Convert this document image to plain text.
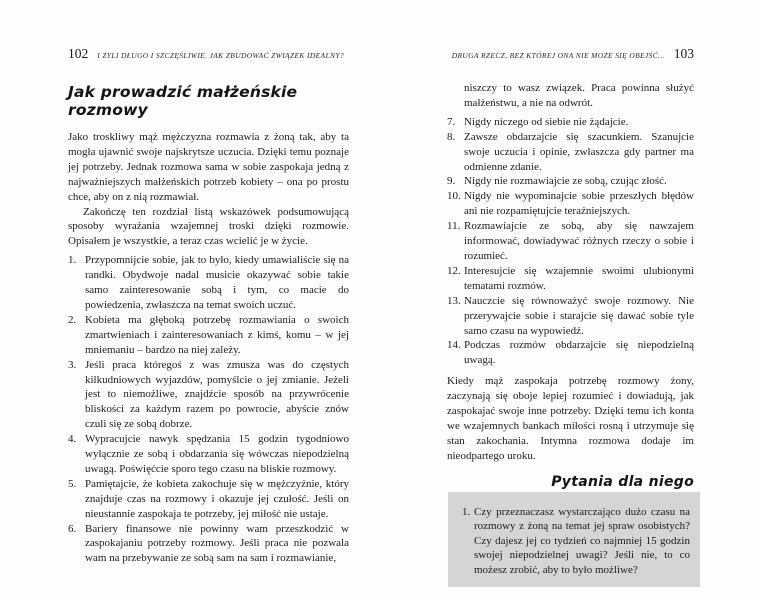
102 I ŻYLI DŁUGO I SZCZĘŚLIWIE. JAK ZBUDOWAĆ ZWIĄZEK IDEALNY?
Jak prowadzić małżeńskie rozmowy

Jako troskliwy mąż mężczyzna rozmawia z żoną tak, aby ta mogła ujawnić swoje najskrytsze uczucia. Dzięki temu poznaje jej potrzeby. Jednak rozmowa sama w sobie zaspokaja jedną z najważniejszych małżeńskich potrzeb kobiety – ona po prostu chce, aby on z nią rozmawiał.

Zakończę ten rozdział listą wskazówek podsumowującą sposoby wyrażania wzajemnej troski dzięki rozmowie. Opisałem je wszystkie, a teraz czas wcielić je w życie.

1. Przypomnijcie sobie, jak to było, kiedy umawialiście się na randki. Obydwoje nadal musicie okazywać sobie takie samo zainteresowanie sobą i tym, co macie do powiedzenia, zwłaszcza na temat swoich uczuć.
2. Kobieta ma głęboką potrzebę rozmawiania o swoich zmartwieniach i zainteresowaniach z kimś, komu – w jej mniemaniu – bardzo na niej zależy.
3. Jeśli praca któregoś z was zmusza was do częstych kilkudniowych wyjazdów, pomyślcie o jej zmianie. Jeżeli jest to niemożliwe, znajdźcie sposób na przywrócenie bliskości za każdym razem po powrocie, abyście znów czuli się ze sobą dobrze.
4. Wypracujcie nawyk spędzania 15 godzin tygodniowo wyłącznie ze sobą i obdarzania się wówczas niepodzielną uwagą. Poświęćcie sporo tego czasu na bliskie rozmowy.
5. Pamiętajcie, że kobieta zakochuje się w mężczyźnie, który znajduje czas na rozmowy i okazuje jej czułość. Jeśli on nieustannie zaspokaja te potrzeby, jej miłość nie ustaje.
6. Bariery finansowe nie powinny wam przeszkodzić w zaspokajaniu potrzeby rozmowy. Jeśli praca nie pozwala wam na przebywanie ze sobą sam na sam i rozmawianie,
DRUGA RZECZ, BEZ KTÓREJ ONA NIE MOŻE SIĘ OBEJŚĆ... 103

niszczy to wasz związek. Praca powinna służyć małżeństwu, a nie na odwrót.

7. Nigdy niczego od siebie nie żądajcie.
8. Zawsze obdarzajcie się szacunkiem. Szanujcie swoje uczucia i opinie, zwłaszcza gdy partner ma odmienne zdanie.
9. Nigdy nie rozmawiajcie ze sobą, czując złość.
10. Nigdy nie wypominajcie sobie przeszłych błędów ani nie rozpamiętujcie teraźniejszych.
11. Rozmawiajcie ze sobą, aby się nawzajem informować, dowiadywać różnych rzeczy o sobie i rozumieć.
12. Interesujcie się wzajemnie swoimi ulubionymi tematami rozmów.
13. Nauczcie się równoważyć swoje rozmowy. Nie przerywajcie sobie i starajcie się dawać sobie tyle samo czasu na wypowiedź.
14. Podczas rozmów obdarzajcie się niepodzielną uwagą.

Kiedy mąż zaspokaja potrzebę rozmowy żony, zaczynają się oboje lepiej rozumieć i dowiadują, jak zaspokajać swoje inne potrzeby. Dzięki temu ich konta we wzajemnych bankach miłości rosną i utrzymuje się stan zakochania. Intymna rozmowa dodaje im nieodpartego uroku.

Pytania dla niego
1. Czy przeznaczasz wystarczająco dużo czasu na rozmowy z żoną na temat jej spraw osobistych? Czy dajesz jej co tydzień co najmniej 15 godzin swojej niepodzielnej uwagi? Jeśli nie, to co możesz zrobić, aby to było możliwe?
